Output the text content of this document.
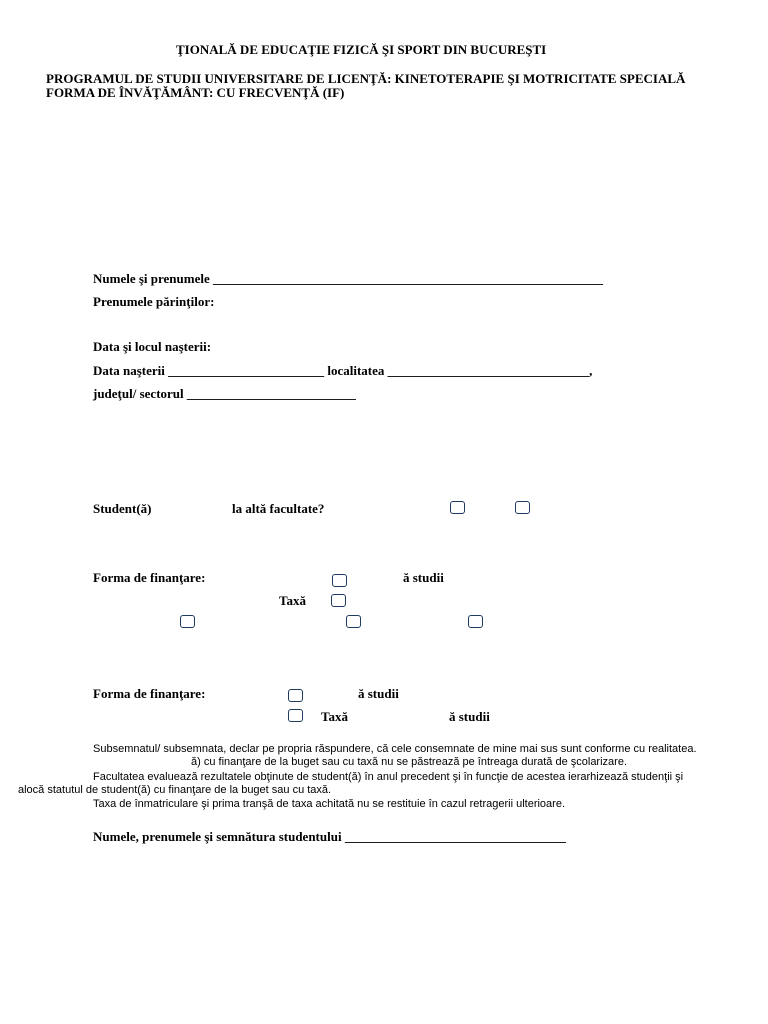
ŢIONALĂ DE EDUCAŢIE FIZICĂ ŞI SPORT DIN BUCUREŞTI
PROGRAMUL DE STUDII UNIVERSITARE DE LICENŢĂ: KINETOTERAPIE ŞI MOTRICITATE SPECIALĂ
FORMA DE ÎNVĂŢĂMÂNT: CU FRECVENŢĂ (IF)
Numele şi prenumele ____________________________________________________________
Prenumele părinţilor:
Data şi locul naşterii:
Data naşterii ________________________ localitatea _______________________________,
judeţul/ sectorul __________________________
Student(ă)	la altă facultate?
Forma de finanţare:	ă studii
Taxă
Forma de finanţare:	ă studii
Taxă	ă studii
Subsemnatul/ subsemnata, declar pe propria răspundere, că cele consemnate de mine mai sus sunt conforme cu realitatea.
ă) cu finanţare de la buget sau cu taxă nu se păstrează pe întreaga durată de şcolarizare.
Facultatea evaluează rezultatele obţinute de student(ă) în anul precedent şi în funcţie de acestea ierarhizează studenţii şi
alocă statutul de student(ă) cu finanţare de la buget sau cu taxă.
Taxa de înmatriculare şi prima tranşă de taxa achitată nu se restituie în cazul retragerii ulterioare.
Numele, prenumele şi semnătura studentului __________________________________
